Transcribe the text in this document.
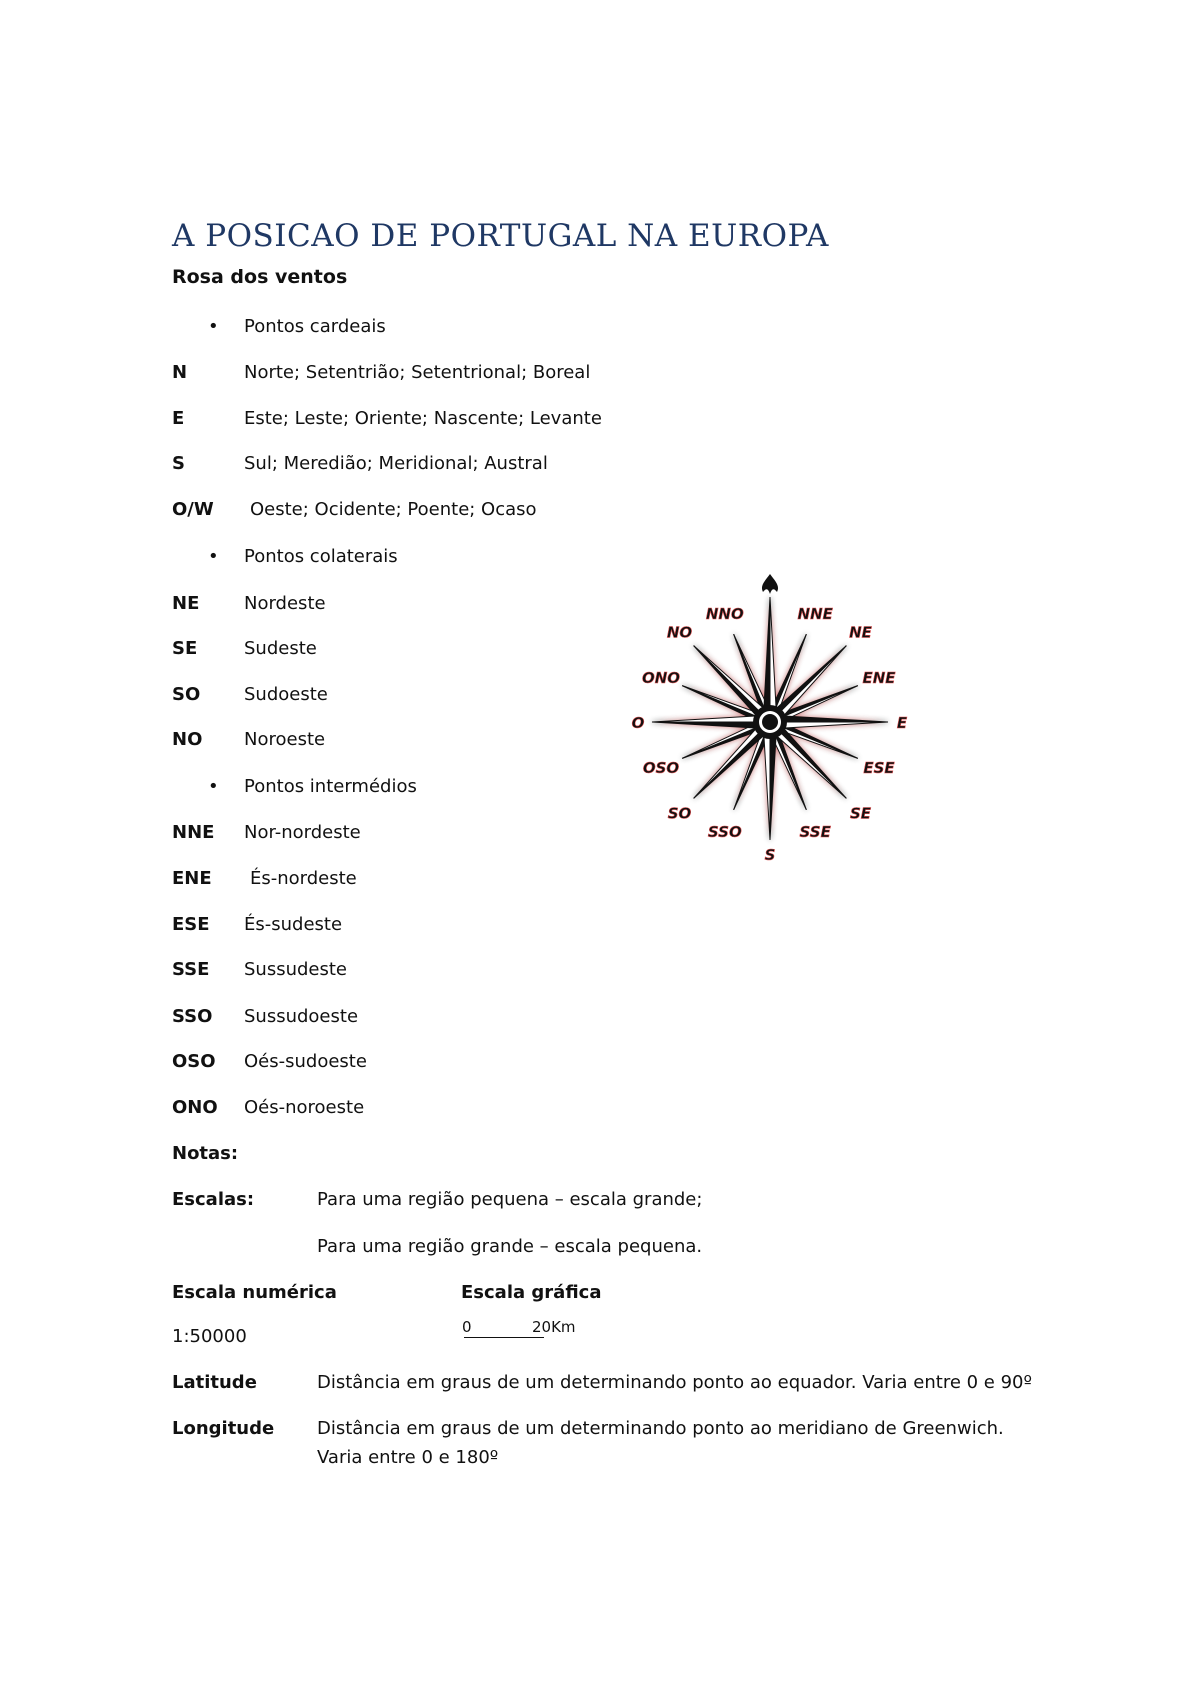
A POSICAO DE PORTUGAL NA EUROPA
Rosa dos ventos
• Pontos cardeais
N	Norte; Setentrião; Setentrional; Boreal
E	Este; Leste; Oriente; Nascente; Levante
S	Sul; Meredião; Meridional; Austral
O/W Oeste; Ocidente; Poente; Ocaso
• Pontos colaterais
NE Nordeste
SE	Sudeste
SO Sudoeste
NO Noroeste
• Pontos intermédios
NNE Nor-nordeste
ENE És-nordeste
ESE És-sudeste
SSE Sussudeste
SSO Sussudoeste
OSO Oés-sudoeste
ONO Oés-noroeste
Notas:
Escalas:	Para uma região pequena – escala grande;
Para uma região grande – escala pequena.
Escala numérica	Escala gráfica
1:50000	0	20Km
Latitude	Distância em graus de um determinando ponto ao equador. Varia entre 0 e 90º
Longitude Distância em graus de um determinando ponto ao meridiano de Greenwich.
Varia entre 0 e 180º
NNE
NE
ENE
E
ESE
SE
SSE
S
SSO
SO
OSO
O
ONO
NO
NNO
